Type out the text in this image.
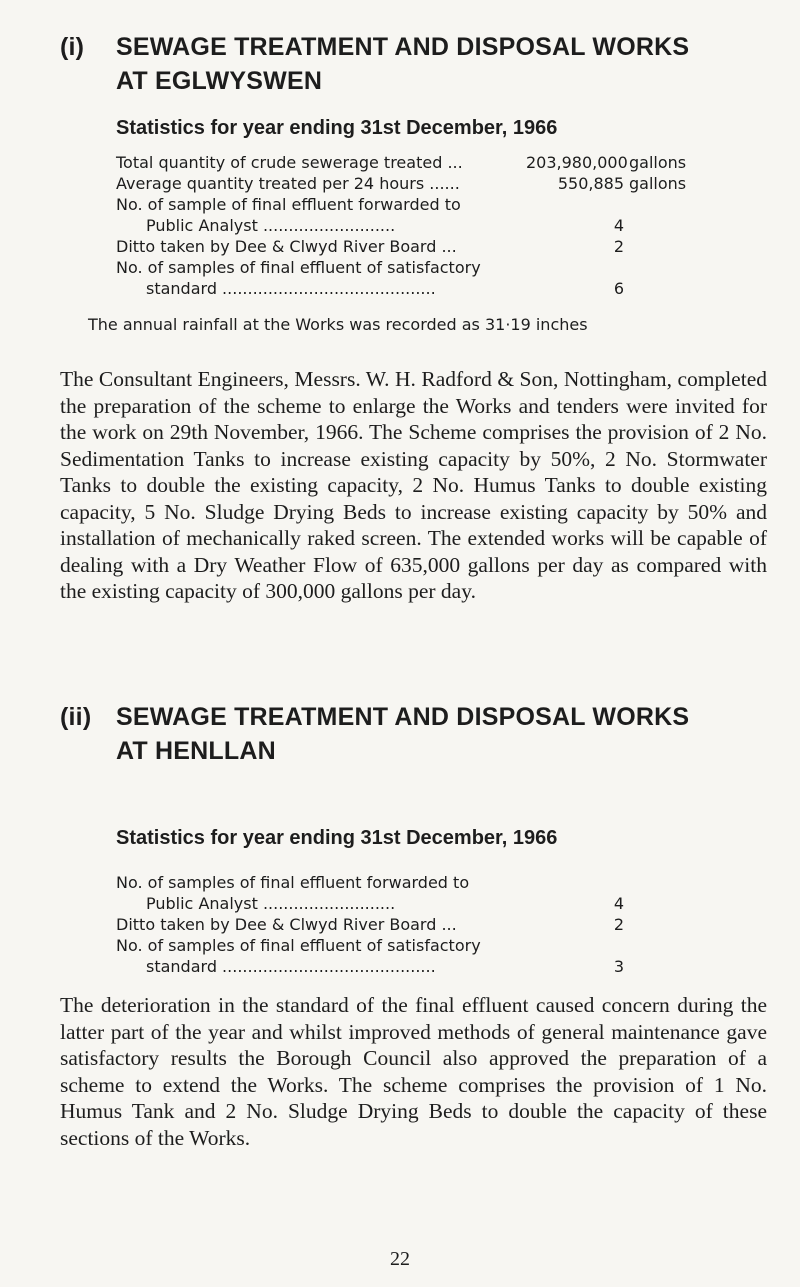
(i) SEWAGE TREATMENT AND DISPOSAL WORKS
AT EGLWYSWEN
Statistics for year ending 31st December, 1966
Total quantity of crude sewerage treated ...	203,980,000 gallons
Average quantity treated per 24 hours ......	550,885 gallons
No. of sample of final effluent forwarded to
Public Analyst ..........................	4
Ditto taken by Dee & Clwyd River Board ...	2
No. of samples of final effluent of satisfactory
standard ..........................................	6
The annual rainfall at the Works was recorded as 31·19 inches
The Consultant Engineers, Messrs. W. H. Radford & Son, Nottingham, completed the preparation of the scheme to enlarge the Works and tenders were invited for the work on 29th November, 1966. The Scheme comprises the provision of 2 No. Sedimentation Tanks to increase existing capacity by 50%, 2 No. Stormwater Tanks to double the existing capacity, 2 No. Humus Tanks to double existing capacity, 5 No. Sludge Drying Beds to increase existing capacity by 50% and installation of mechanically raked screen. The extended works will be capable of dealing with a Dry Weather Flow of 635,000 gallons per day as compared with the existing capacity of 300,000 gallons per day.
(ii) SEWAGE TREATMENT AND DISPOSAL WORKS
AT HENLLAN
Statistics for year ending 31st December, 1966
No. of samples of final effluent forwarded to
Public Analyst ..........................	4
Ditto taken by Dee & Clwyd River Board ...	2
No. of samples of final effluent of satisfactory
standard ..........................................	3
The deterioration in the standard of the final effluent caused concern during the latter part of the year and whilst improved methods of general maintenance gave satisfactory results the Borough Council also approved the preparation of a scheme to extend the Works. The scheme comprises the provision of 1 No. Humus Tank and 2 No. Sludge Drying Beds to double the capacity of these sections of the Works.
22
